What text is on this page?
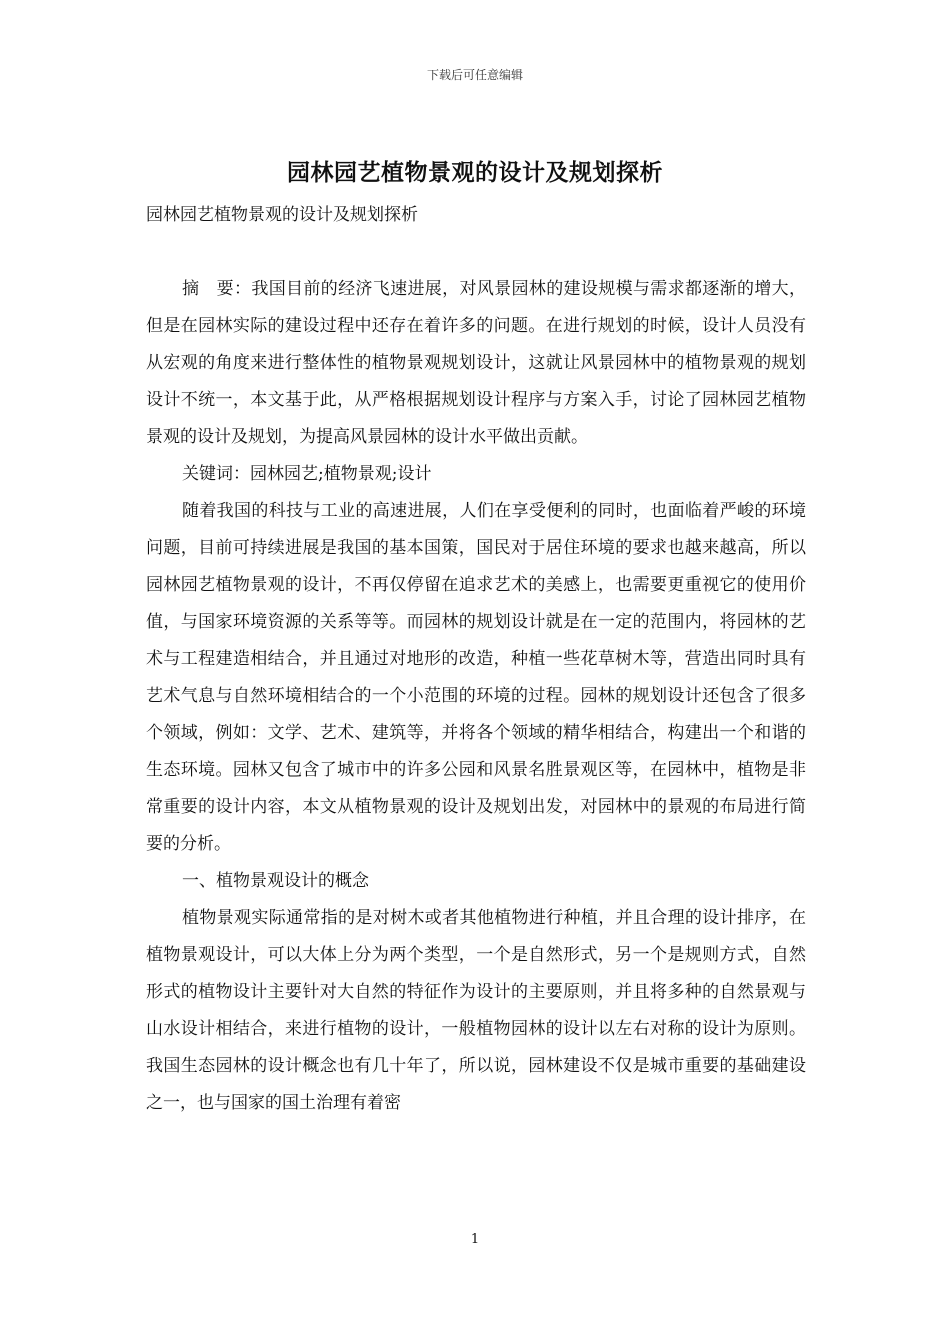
下载后可任意编辑
园林园艺植物景观的设计及规划探析
园林园艺植物景观的设计及规划探析

摘　要：我国目前的经济飞速进展，对风景园林的建设规模与需求都逐渐的增大，但是在园林实际的建设过程中还存在着许多的问题。在进行规划的时候，设计人员没有从宏观的角度来进行整体性的植物景观规划设计，这就让风景园林中的植物景观的规划设计不统一，本文基于此，从严格根据规划设计程序与方案入手，讨论了园林园艺植物景观的设计及规划，为提高风景园林的设计水平做出贡献。

关键词：园林园艺;植物景观;设计

随着我国的科技与工业的高速进展，人们在享受便利的同时，也面临着严峻的环境问题，目前可持续进展是我国的基本国策，国民对于居住环境的要求也越来越高，所以园林园艺植物景观的设计，不再仅停留在追求艺术的美感上，也需要更重视它的使用价值，与国家环境资源的关系等等。而园林的规划设计就是在一定的范围内，将园林的艺术与工程建造相结合，并且通过对地形的改造，种植一些花草树木等，营造出同时具有艺术气息与自然环境相结合的一个小范围的环境的过程。园林的规划设计还包含了很多个领域，例如：文学、艺术、建筑等，并将各个领域的精华相结合，构建出一个和谐的生态环境。园林又包含了城市中的许多公园和风景名胜景观区等，在园林中，植物是非常重要的设计内容，本文从植物景观的设计及规划出发，对园林中的景观的布局进行简要的分析。

一、植物景观设计的概念

植物景观实际通常指的是对树木或者其他植物进行种植，并且合理的设计排序，在植物景观设计，可以大体上分为两个类型，一个是自然形式，另一个是规则方式，自然形式的植物设计主要针对大自然的特征作为设计的主要原则，并且将多种的自然景观与山水设计相结合，来进行植物的设计，一般植物园林的设计以左右对称的设计为原则。我国生态园林的设计概念也有几十年了，所以说，园林建设不仅是城市重要的基础建设之一，也与国家的国土治理有着密

1
